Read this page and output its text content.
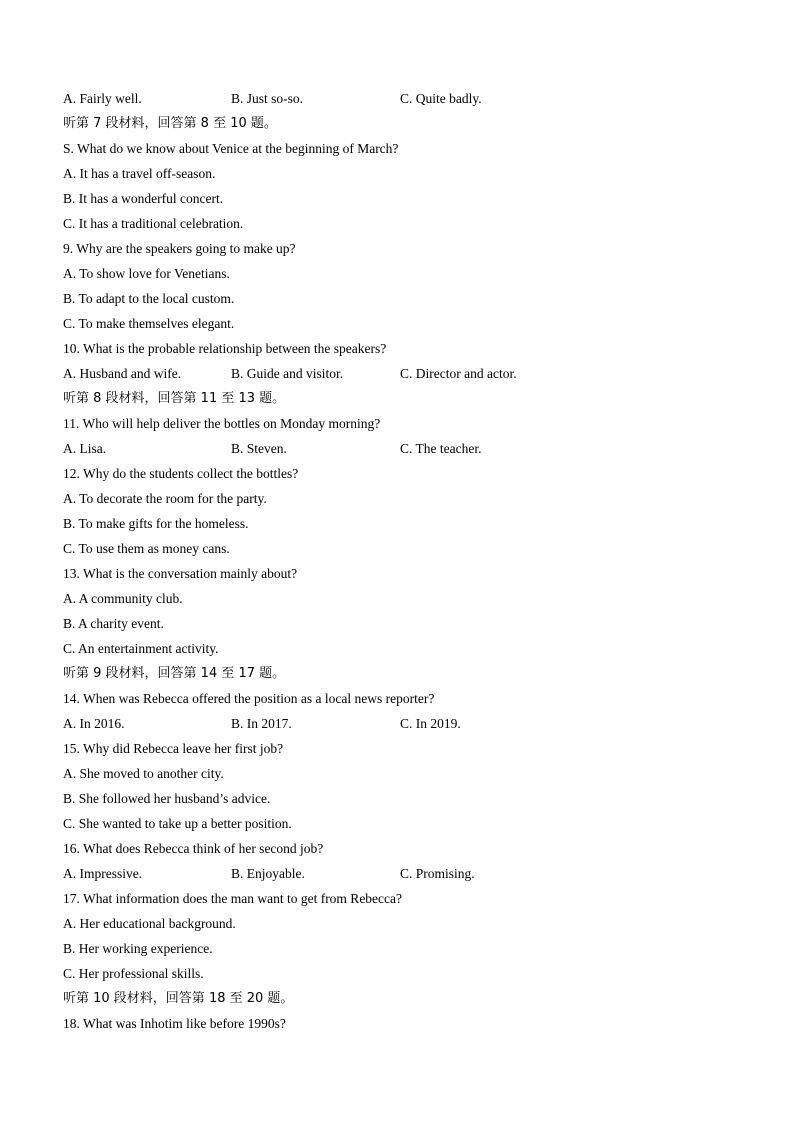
A. Fairly well.	B. Just so-so.	C. Quite badly.
听第 7 段材料，回答第 8 至 10 题。
S. What do we know about Venice at the beginning of March?
A. It has a travel off-season.
B. It has a wonderful concert.
C. It has a traditional celebration.
9. Why are the speakers going to make up?
A. To show love for Venetians.
B. To adapt to the local custom.
C. To make themselves elegant.
10. What is the probable relationship between the speakers?
A. Husband and wife.	B. Guide and visitor.	C. Director and actor.
听第 8 段材料，回答第 11 至 13 题。
11. Who will help deliver the bottles on Monday morning?
A. Lisa.	B. Steven.	C. The teacher.
12. Why do the students collect the bottles?
A. To decorate the room for the party.
B. To make gifts for the homeless.
C. To use them as money cans.
13. What is the conversation mainly about?
A. A community club.
B. A charity event.
C. An entertainment activity.
听第 9 段材料，回答第 14 至 17 题。
14. When was Rebecca offered the position as a local news reporter?
A. In 2016.	B. In 2017.	C. In 2019.
15. Why did Rebecca leave her first job?
A. She moved to another city.
B. She followed her husband’s advice.
C. She wanted to take up a better position.
16. What does Rebecca think of her second job?
A. Impressive.	B. Enjoyable.	C. Promising.
17. What information does the man want to get from Rebecca?
A. Her educational background.
B. Her working experience.
C. Her professional skills.
听第 10 段材料，回答第 18 至 20 题。
18. What was Inhotim like before 1990s?
